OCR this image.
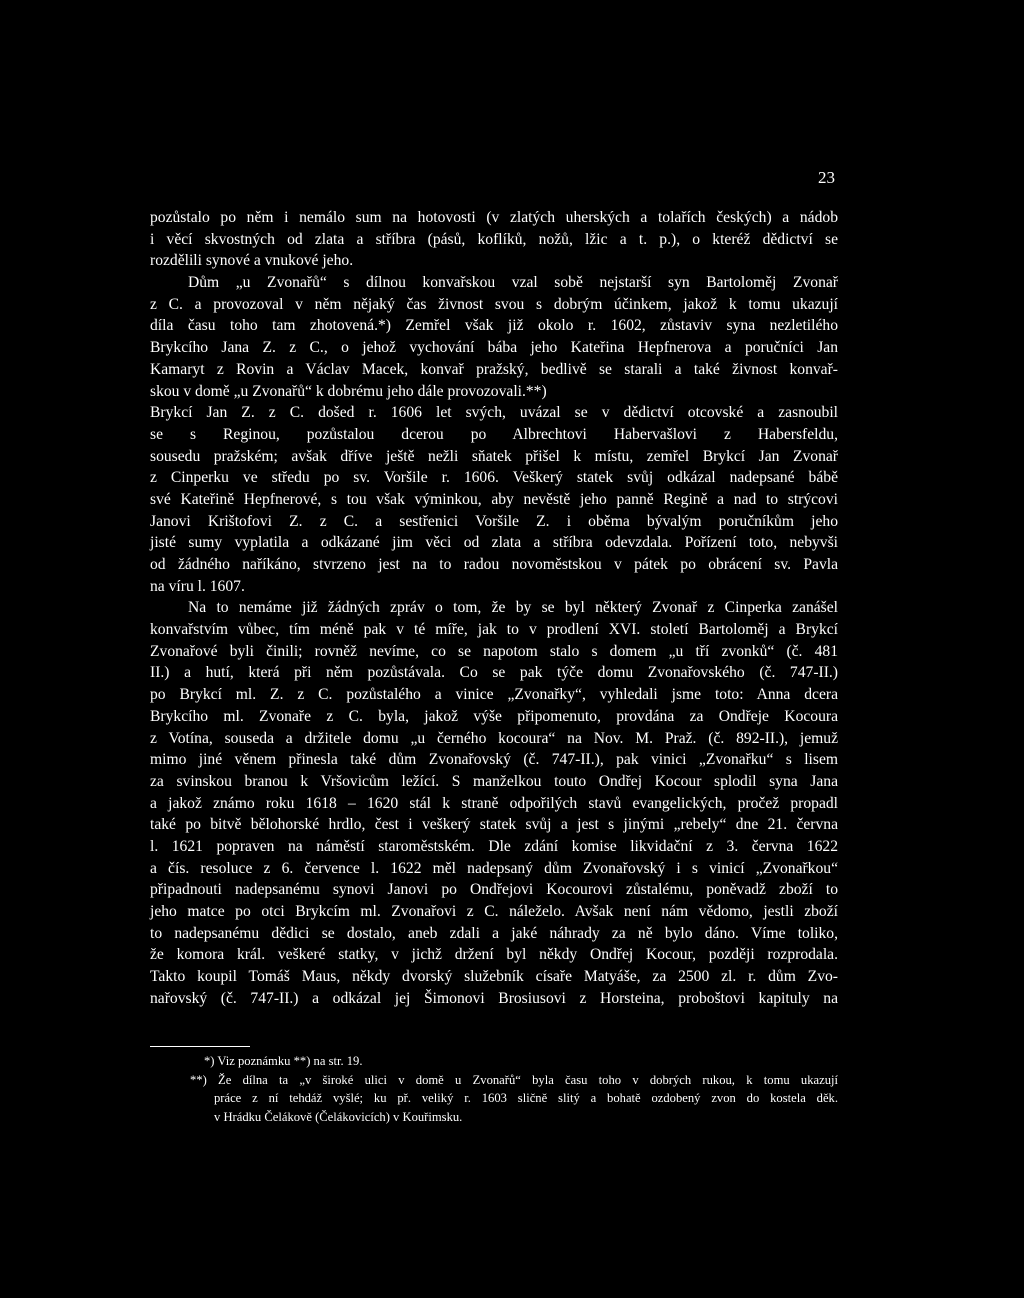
23
pozůstalo po něm i nemálo sum na hotovosti (v zlatých uherských a tolařích českých) a nádob
i věcí skvostných od zlata a stříbra (pásů, koflíků, nožů, lžic a t. p.), o kteréž dědictví se
rozdělili synové a vnukové jeho.
Dům „u Zvonařů“ s dílnou konvařskou vzal sobě nejstarší syn Bartoloměj Zvonař
z C. a provozoval v něm nějaký čas živnost svou s dobrým účinkem, jakož k tomu ukazují
díla času toho tam zhotovená.*) Zemřel však již okolo r. 1602, zůstaviv syna nezletilého
Brykcího Jana Z. z C., o jehož vychování bába jeho Kateřina Hepfnerova a poručníci Jan
Kamaryt z Rovin a Václav Macek, konvař pražský, bedlivě se starali a také živnost konvař-
skou v domě „u Zvonařů“ k dobrému jeho dále provozovali.**)
Brykcí Jan Z. z C. došed r. 1606 let svých, uvázal se v dědictví otcovské a zasnoubil
se s Reginou, pozůstalou dcerou po Albrechtovi Habervašlovi z Habersfeldu,
sousedu pražském; avšak dříve ještě nežli sňatek přišel k místu, zemřel Brykcí Jan Zvonař
z Cinperku ve středu po sv. Voršile r. 1606. Veškerý statek svůj odkázal nadepsané bábě
své Kateřině Hepfnerové, s tou však výminkou, aby nevěstě jeho panně Regině a nad to strýcovi
Janovi Krištofovi Z. z C. a sestřenici Voršile Z. i oběma bývalým poručníkům jeho
jisté sumy vyplatila a odkázané jim věci od zlata a stříbra odevzdala. Pořízení toto, nebyvši
od žádného naříkáno, stvrzeno jest na to radou novoměstskou v pátek po obrácení sv. Pavla
na víru l. 1607.
Na to nemáme již žádných zpráv o tom, že by se byl některý Zvonař z Cinperka zanášel
konvařstvím vůbec, tím méně pak v té míře, jak to v prodlení XVI. století Bartoloměj a Brykcí
Zvonařové byli činili; rovněž nevíme, co se napotom stalo s domem „u tří zvonků“ (č. 481
II.) a hutí, která při něm pozůstávala. Co se pak týče domu Zvonařovského (č. 747-II.)
po Brykcí ml. Z. z C. pozůstalého a vinice „Zvonařky“, vyhledali jsme toto: Anna dcera
Brykcího ml. Zvonaře z C. byla, jakož výše připomenuto, provdána za Ondřeje Kocoura
z Votína, souseda a držitele domu „u černého kocoura“ na Nov. M. Praž. (č. 892-II.), jemuž
mimo jiné věnem přinesla také dům Zvonařovský (č. 747-II.), pak vinici „Zvonařku“ s lisem
za svinskou branou k Vršovicům ležící. S manželkou touto Ondřej Kocour splodil syna Jana
a jakož známo roku 1618 – 1620 stál k straně odpořilých stavů evangelických, pročež propadl
také po bitvě bělohorské hrdlo, čest i veškerý statek svůj a jest s jinými „rebely“ dne 21. června
l. 1621 popraven na náměstí staroměstském. Dle zdání komise likvidační z 3. června 1622
a čís. resoluce z 6. července l. 1622 měl nadepsaný dům Zvonařovský i s vinicí „Zvonařkou“
připadnouti nadepsanému synovi Janovi po Ondřejovi Kocourovi zůstalému, poněvadž zboží to
jeho matce po otci Brykcím ml. Zvonařovi z C. náleželo. Avšak není nám vědomo, jestli zboží
to nadepsanému dědici se dostalo, aneb zdali a jaké náhrady za ně bylo dáno. Víme toliko,
že komora král. veškeré statky, v jichž držení byl někdy Ondřej Kocour, později rozprodala.
Takto koupil Tomáš Maus, někdy dvorský služebník císaře Matyáše, za 2500 zl. r. dům Zvo-
nařovský (č. 747-II.) a odkázal jej Šimonovi Brosiusovi z Horsteina, proboštovi kapituly na
*) Viz poznámku **) na str. 19.
**) Že dílna ta „v široké ulici v domě u Zvonařů“ byla času toho v dobrých rukou, k tomu ukazují
práce z ní tehdáž vyšlé; ku př. veliký r. 1603 sličně slitý a bohatě ozdobený zvon do kostela děk.
v Hrádku Čelákově (Čelákovicích) v Kouřimsku.
